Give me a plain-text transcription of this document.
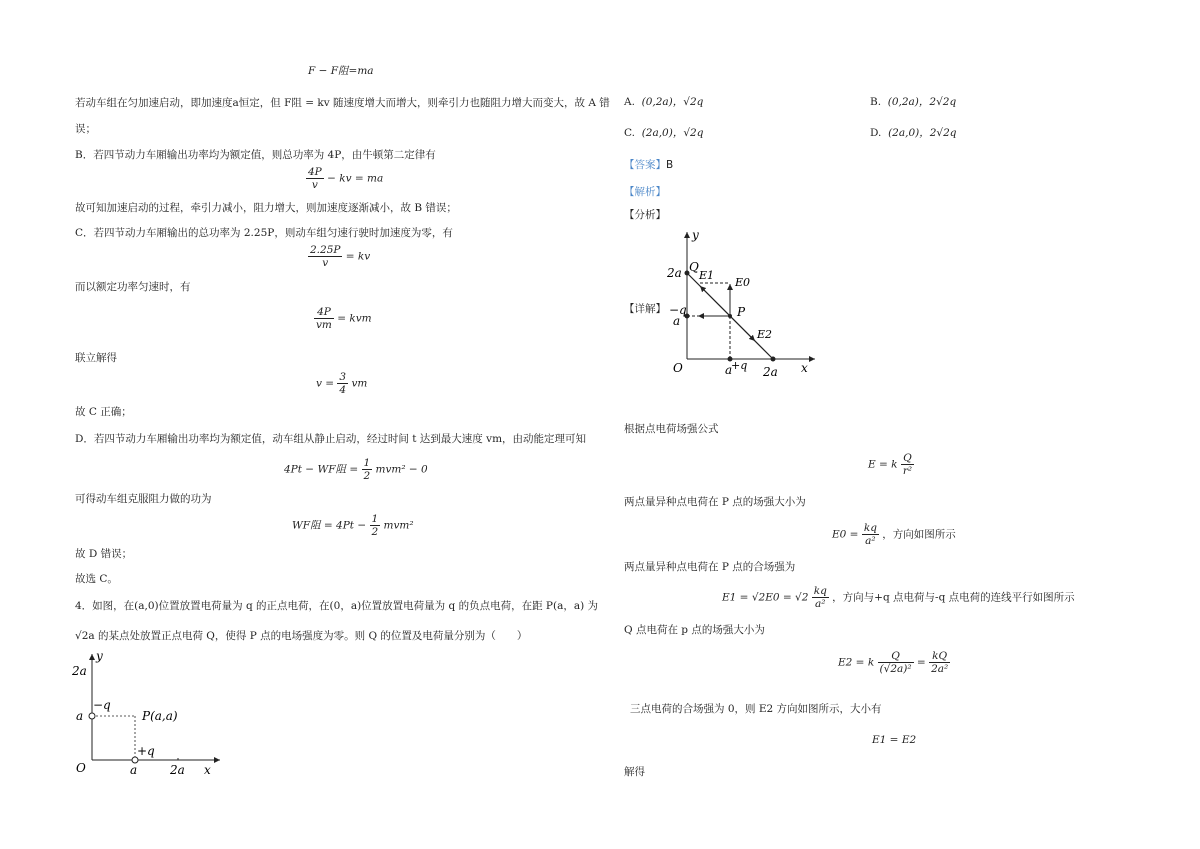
F − F阻=ma
若动车组在匀加速启动，即加速度a恒定，但 F阻 = kv 随速度增大而增大，则牵引力也随阻力增大而变大，故 A 错
误；
B．若四节动力车厢输出功率均为额定值，则总功率为 4P，由牛顿第二定律有
$\frac{4P}{v}$ − kv = ma
故可知加速启动的过程，牵引力减小，阻力增大，则加速度逐渐减小，故 B 错误；
C．若四节动力车厢输出的总功率为 2.25P，则动车组匀速行驶时加速度为零，有
$\frac{2.25P}{v}$ = kv
而以额定功率匀速时，有
$\frac{4P}{vm}$ = kvm
联立解得
$v = \frac{3}{4}$ vm
故 C 正确；
D．若四节动力车厢输出功率均为额定值，动车组从静止启动，经过时间 t 达到最大速度 vm，由动能定理可知
4Pt − WF阻 = $\frac{1}{2} mvm^2 - 0$
可得动车组克服阻力做的功为
WF阻 = $4Pt - \frac{1}{2} mvm^2$
故 D 错误；
故选 C。
4．如图，在(a,0)位置放置电荷量为 q 的正点电荷，在(0，a)位置放置电荷量为 q 的负点电荷，在距 P(a，a) 为
√2a 的某点处放置正点电荷 Q，使得 P 点的电场强度为零。则 Q 的位置及电荷量分别为（　　）
y
x
O
2a
a
−q
P(a,a)
+q
a	2a
A. (0,2a)，√2q	B. (0,2a)，2√2q
C. (2a,0)，√2q	D. (2a,0)，2√2q
【答案】B
【解析】
【分析】
【详解】
y
x
O
2a
a
−q
Q
E1
E0
P
E2
a
+q 2a
根据点电荷场强公式
E = k $\frac{Q}{\text{r²}}$
两点量异种点电荷在 P 点的场强大小为
$E0 = \frac{kq}{\text{a²}}$ ，方向如图所示
两点量异种点电荷在 P 点的合场强为
$E1 = √2E0 = √2 \frac{kq}{\text{a²}}$ ，方向与+q 点电荷与-q 点电荷的连线平行如图所示
Q 点电荷在 p 点的场强大小为
E2 = k $\frac{Q}{\text{(√2a)²}} = \frac{kQ}{\text{2a²}}$
三点电荷的合场强为 0，则 E2 方向如图所示，大小有
E1 = E2
解得
